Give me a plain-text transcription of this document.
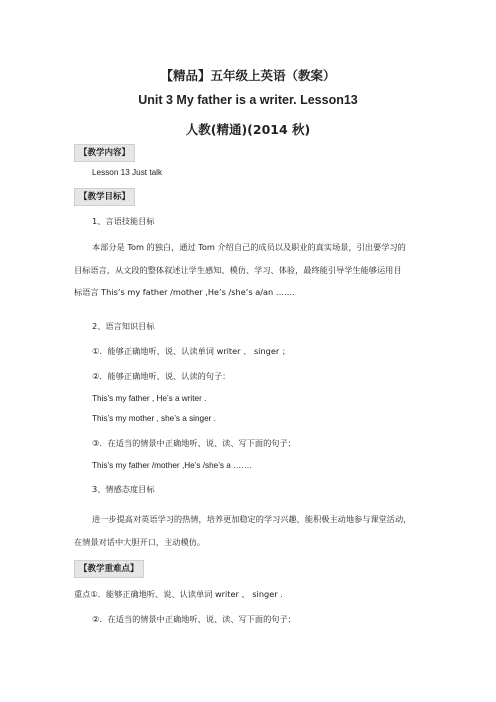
【精品】五年级上英语（教案）
Unit 3 My father is a writer. Lesson13
人教(精通)(2014 秋)
【教学内容】
Lesson 13 Just talk
【教学目标】
1、言语技能目标
本部分是 Tom 的独白，通过 Tom 介绍自己的成员以及职业的真实场景，引出要学习的
目标语言，从文段的整体叙述让学生感知、模仿、学习、体验，最终能引导学生能够运用目
标语言 This’s my father /mother ,He’s /she’s a/an …….
2、语言知识目标
①．能够正确地听、说、认读单词 writer 、 singer ；
②．能够正确地听、说、认读的句子：
This’s my father , He’s a writer .
This’s my mother , she’s a singer .
③．在适当的情景中正确地听、说、读、写下面的句子：
This’s my father /mother ,He’s /she’s a …….
3、情感态度目标
进一步提高对英语学习的热情，培养更加稳定的学习兴趣，能积极主动地参与课堂活动，
在情景对话中大胆开口，主动模仿。
【教学重难点】
重点①．能够正确地听、说、认读单词 writer 、 singer .
②．在适当的情景中正确地听、说、读、写下面的句子：
